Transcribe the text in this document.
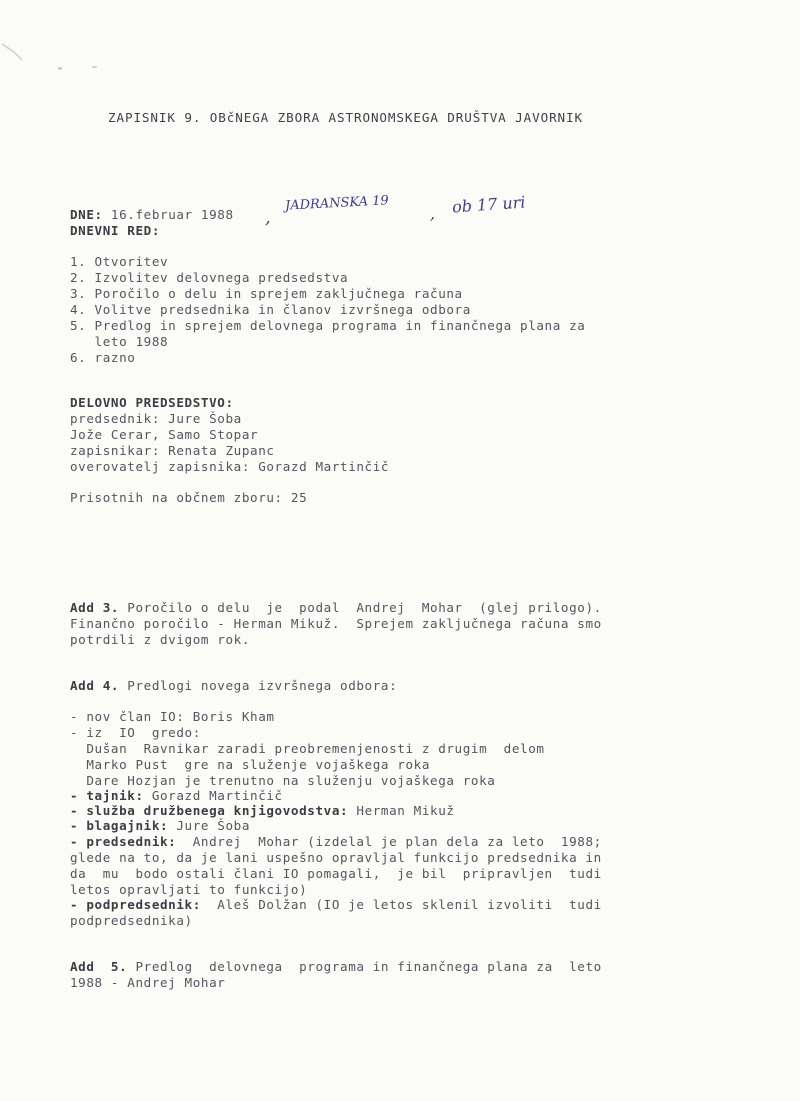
ZAPISNIK 9. OBčNEGA ZBORA ASTRONOMSKEGA DRUŠTVA JAVORNIK
DNE: 16.februar 1988 ,
JADRANSKA 19	, ob 17 uri
DNEVNI RED:
1. Otvoritev
2. Izvolitev delovnega predsedstva
3. Poročilo o delu in sprejem zaključnega računa
4. Volitve predsednika in članov izvršnega odbora
5. Predlog in sprejem delovnega programa in finančnega plana za
leto 1988
6. razno
DELOVNO PREDSEDSTVO:
predsednik: Jure Šoba
Jože Cerar, Samo Stopar
zapisnikar: Renata Zupanc
overovatelj zapisnika: Gorazd Martinčič
Prisotnih na občnem zboru: 25
Add 3. Poročilo o delu  je  podal  Andrej  Mohar  (glej prilogo).
Finančno poročilo - Herman Mikuž.  Sprejem zaključnega računa smo
potrdili z dvigom rok.
Add 4. Predlogi novega izvršnega odbora:
- nov član IO: Boris Kham
- iz  IO  gredo:
Dušan  Ravnikar zaradi preobremenjenosti z drugim  delom
Marko Pust  gre na služenje vojaškega roka
Dare Hozjan je trenutno na služenju vojaškega roka
- tajnik: Gorazd Martinčič
- služba družbenega knjigovodstva: Herman Mikuž
- blagajnik: Jure Šoba
- predsednik:  Andrej  Mohar (izdelal je plan dela za leto  1988;
glede na to, da je lani uspešno opravljal funkcijo predsednika in
da  mu  bodo ostali člani IO pomagali,  je bil  pripravljen  tudi
letos opravljati to funkcijo)
- podpredsednik:  Aleš Dolžan (IO je letos sklenil izvoliti  tudi
podpredsednika)
Add  5. Predlog  delovnega  programa in finančnega plana za  leto
1988 - Andrej Mohar
